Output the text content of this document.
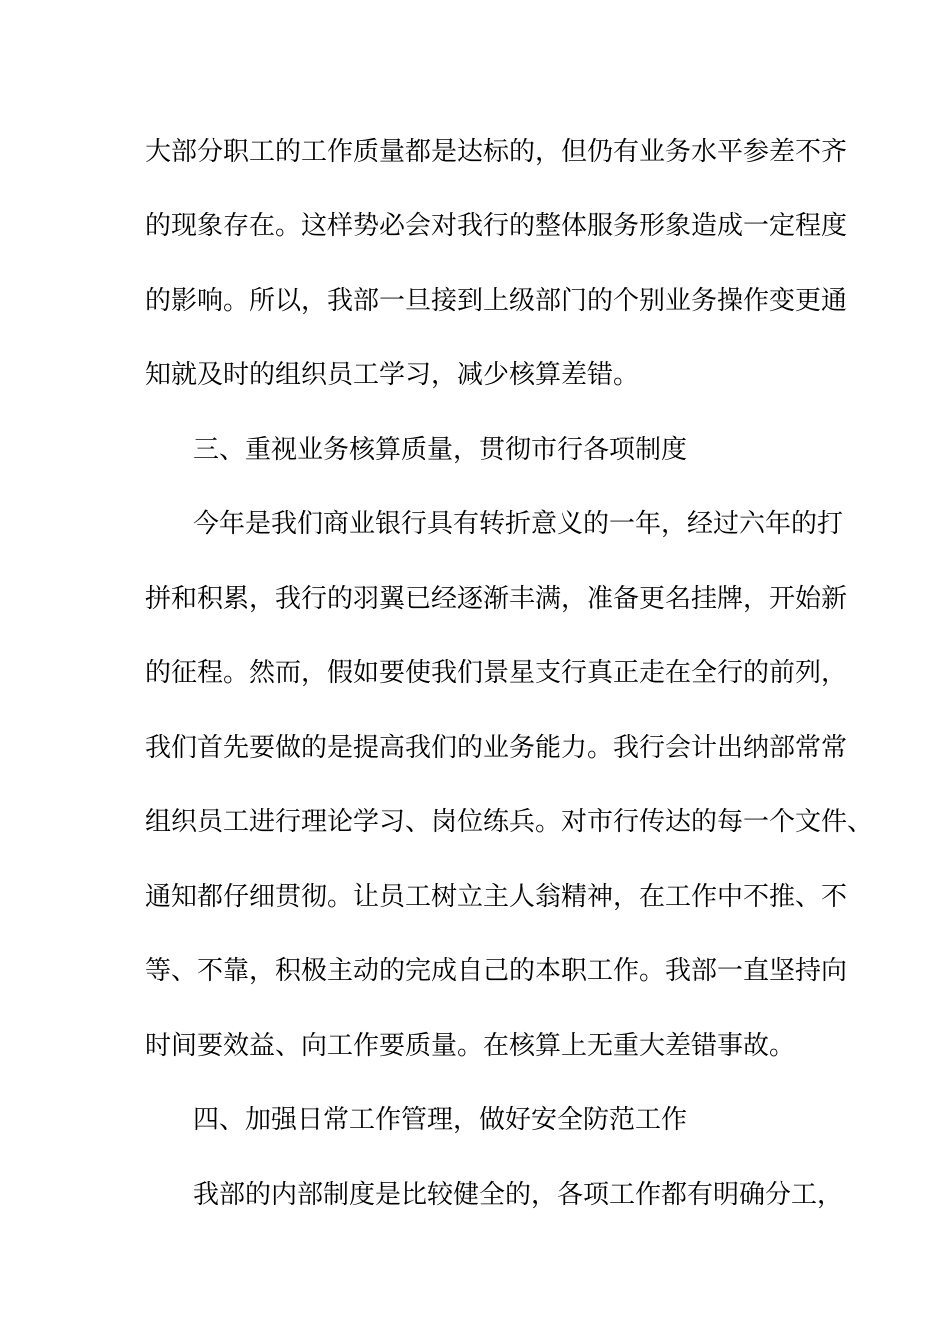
大部分职工的工作质量都是达标的，但仍有业务水平参差不齐

的现象存在。这样势必会对我行的整体服务形象造成一定程度

的影响。所以，我部一旦接到上级部门的个别业务操作变更通

知就及时的组织员工学习，减少核算差错。

三、重视业务核算质量，贯彻市行各项制度

今年是我们商业银行具有转折意义的一年，经过六年的打

拼和积累，我行的羽翼已经逐渐丰满，准备更名挂牌，开始新

的征程。然而，假如要使我们景星支行真正走在全行的前列，

我们首先要做的是提高我们的业务能力。我行会计出纳部常常

组织员工进行理论学习、岗位练兵。对市行传达的每一个文件、

通知都仔细贯彻。让员工树立主人翁精神，在工作中不推、不

等、不靠，积极主动的完成自己的本职工作。我部一直坚持向

时间要效益、向工作要质量。在核算上无重大差错事故。

四、加强日常工作管理，做好安全防范工作

我部的内部制度是比较健全的，各项工作都有明确分工，
